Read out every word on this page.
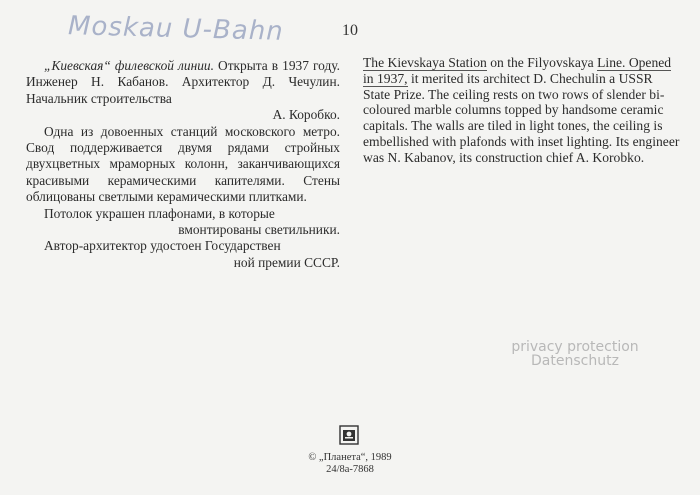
Moskau U-Bahn	10

„Киевская“ филевской линии. Открыта в 1937 году. Инженер Н. Кабанов. Архитектор Д. Чечулин. Начальник строительства

А. Коробко.

Одна из довоенных станций московского метро. Свод поддерживается двумя рядами стройных двухцветных мраморных колонн, заканчивающихся красивыми керамическими капителями. Стены облицованы светлыми керамическими плитками.

Потолок украшен плафонами, в которые

вмонтированы светильники.

Автор-архитектор удостоен Государствен

ной премии СССР.

The Kievskaya Station on the Filyovskaya Line. Opened in 1937, it merited its architect D. Chechulin a USSR State Prize. The ceiling rests on two rows of slender bi-coloured marble columns topped by handsome ceramic capitals. The walls are tiled in light tones, the ceiling is embellished with plafonds with inset lighting. Its engineer was N. Kabanov, its construction chief A. Korobko.

privacy protection
Datenschutz
© „Планета“, 1989
24/8a-7868
